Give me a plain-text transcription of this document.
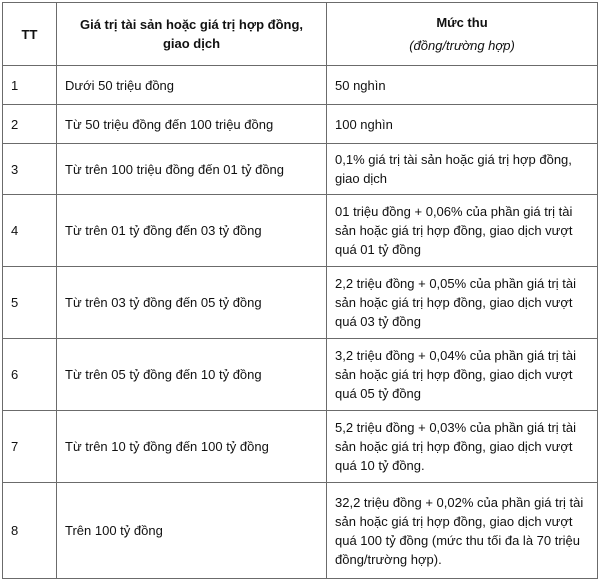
TT	Giá trị tài sản hoặc giá trị hợp đồng, giao dịch	Mức thu
(đồng/trường hợp)

1	Dưới 50 triệu đồng	50 nghìn
2	Từ 50 triệu đồng đến 100 triệu đồng	100 nghìn
3	Từ trên 100 triệu đồng đến 01 tỷ đồng	0,1% giá trị tài sản hoặc giá trị hợp đồng, giao dịch
4	Từ trên 01 tỷ đồng đến 03 tỷ đồng	01 triệu đồng + 0,06% của phần giá trị tài sản hoặc giá trị hợp đồng, giao dịch vượt quá 01 tỷ đồng
5	Từ trên 03 tỷ đồng đến 05 tỷ đồng	2,2 triệu đồng + 0,05% của phần giá trị tài sản hoặc giá trị hợp đồng, giao dịch vượt quá 03 tỷ đồng
6	Từ trên 05 tỷ đồng đến 10 tỷ đồng	3,2 triệu đồng + 0,04% của phần giá trị tài sản hoặc giá trị hợp đồng, giao dịch vượt quá 05 tỷ đồng
7	Từ trên 10 tỷ đồng đến 100 tỷ đồng	5,2 triệu đồng + 0,03% của phần giá trị tài sản hoặc giá trị hợp đồng, giao dịch vượt quá 10 tỷ đồng.
8	Trên 100 tỷ đồng	32,2 triệu đồng + 0,02% của phần giá trị tài sản hoặc giá trị hợp đồng, giao dịch vượt quá 100 tỷ đồng (mức thu tối đa là 70 triệu đồng/trường hợp).
